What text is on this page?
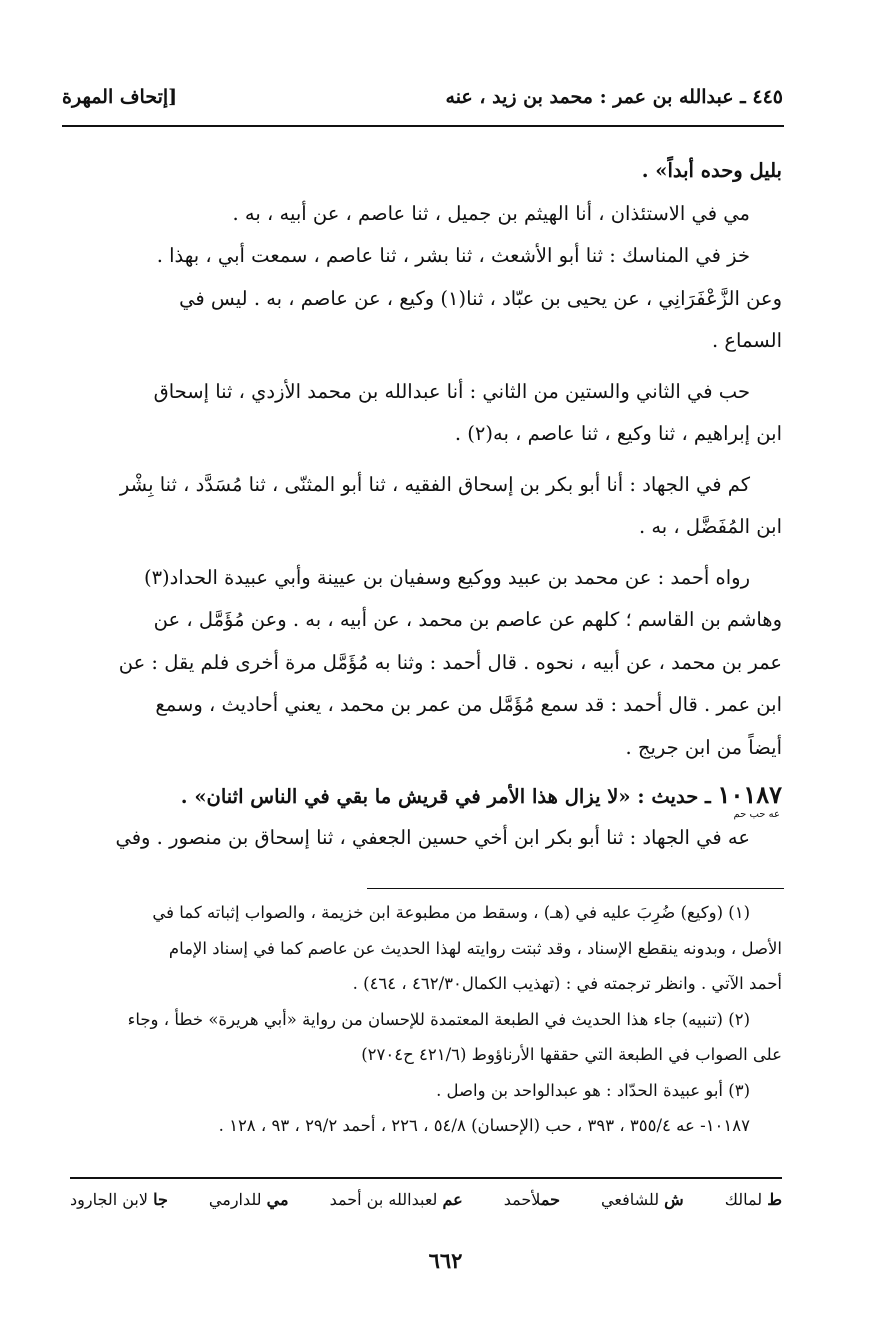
٤٤٥ ـ عبدالله بن عمر : محمد بن زيد ، عنه
[إتحاف المهرة
بليل وحده أبداً» .
مي في الاستئذان ، أنا الهيثم بن جميل ، ثنا عاصم ، عن أبيه ، به .
خز في المناسك : ثنا أبو الأشعث ، ثنا بشر ، ثنا عاصم ، سمعت أبي ، بهذا .
وعن الزَّعْفَرَانِي ، عن يحيى بن عبّاد ، ثنا(١) وكيع ، عن عاصم ، به . ليس في
السماع .
حب في الثاني والستين من الثاني : أنا عبدالله بن محمد الأزدي ، ثنا إسحاق
ابن إبراهيم ، ثنا وكيع ، ثنا عاصم ، به(٢) .
كم في الجهاد : أنا أبو بكر بن إسحاق الفقيه ، ثنا أبو المثنّى ، ثنا مُسَدَّد ، ثنا بِشْر
ابن المُفَضَّل ، به .
رواه أحمد : عن محمد بن عبيد ووكيع وسفيان بن عيينة وأبي عبيدة الحداد(٣)
وهاشم بن القاسم ؛ كلهم عن عاصم بن محمد ، عن أبيه ، به . وعن مُؤَمَّل ، عن
عمر بن محمد ، عن أبيه ، نحوه . قال أحمد : وثنا به مُؤَمَّل مرة أخرى فلم يقل : عن
ابن عمر . قال أحمد : قد سمع مُؤَمَّل من عمر بن محمد ، يعني أحاديث ، وسمع
أيضاً من ابن جريج .
١٠١٨٧ ـ حديث : «لا يزال هذا الأمر في قريش ما بقي في الناس اثنان» .
عه حب حم
عه في الجهاد : ثنا أبو بكر ابن أخي حسين الجعفي ، ثنا إسحاق بن منصور . وفي
(١) (وكيع) ضُرِبَ عليه في (هـ) ، وسقط من مطبوعة ابن خزيمة ، والصواب إثباته كما في
الأصل ، وبدونه ينقطع الإسناد ، وقد ثبتت روايته لهذا الحديث عن عاصم كما في إسناد الإمام
أحمد الآتي . وانظر ترجمته في : (تهذيب الكمال٤٦٢/٣٠ ، ٤٦٤) .
(٢) (تنبيه) جاء هذا الحديث في الطبعة المعتمدة للإحسان من رواية «أبي هريرة» خطأ ، وجاء
على الصواب في الطبعة التي حققها الأرناؤوط (٤٢١/٦ ح٢٧٠٤)
(٣) أبو عبيدة الحدّاد : هو عبدالواحد بن واصل .
١٠١٨٧- عه ٣٥٥/٤ ، ٣٩٣ ، حب (الإحسان) ٥٤/٨ ، ٢٢٦ ، أحمد ٢٩/٢ ، ٩٣ ، ١٢٨ .
ط لمالك
ش للشافعي
حملأحمد
عم لعبدالله بن أحمد
مي للدارمي
جا لابن الجارود
٦٦٢
